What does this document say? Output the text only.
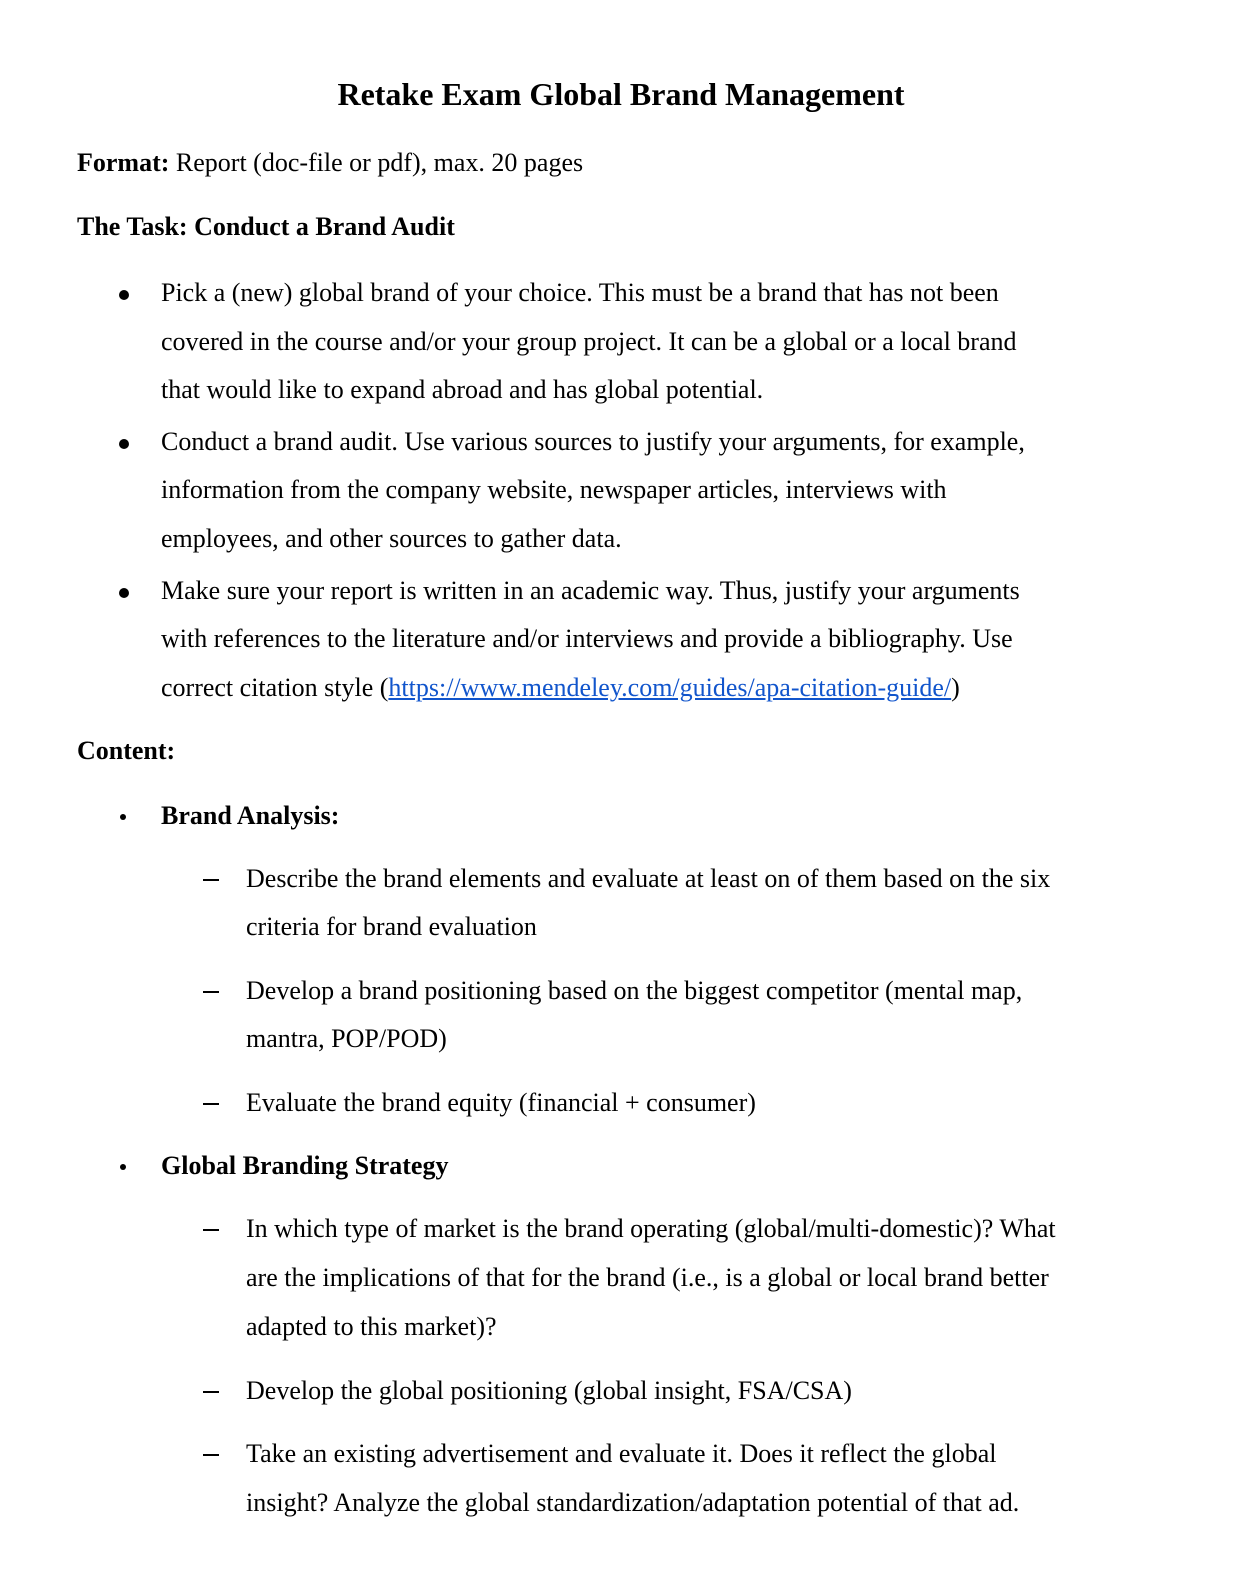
Retake Exam Global Brand Management
Format: Report (doc-file or pdf), max. 20 pages
The Task: Conduct a Brand Audit
Pick a (new) global brand of your choice. This must be a brand that has not been
covered in the course and/or your group project. It can be a global or a local brand
that would like to expand abroad and has global potential.
Conduct a brand audit. Use various sources to justify your arguments, for example,
information from the company website, newspaper articles, interviews with
employees, and other sources to gather data.
Make sure your report is written in an academic way. Thus, justify your arguments
with references to the literature and/or interviews and provide a bibliography. Use
correct citation style (https://www.mendeley.com/guides/apa-citation-guide/)
Content:
Brand Analysis:
Describe the brand elements and evaluate at least on of them based on the six
criteria for brand evaluation
Develop a brand positioning based on the biggest competitor (mental map,
mantra, POP/POD)
Evaluate the brand equity (financial + consumer)
Global Branding Strategy
In which type of market is the brand operating (global/multi-domestic)? What
are the implications of that for the brand (i.e., is a global or local brand better
adapted to this market)?
Develop the global positioning (global insight, FSA/CSA)
Take an existing advertisement and evaluate it. Does it reflect the global
insight? Analyze the global standardization/adaptation potential of that ad.
